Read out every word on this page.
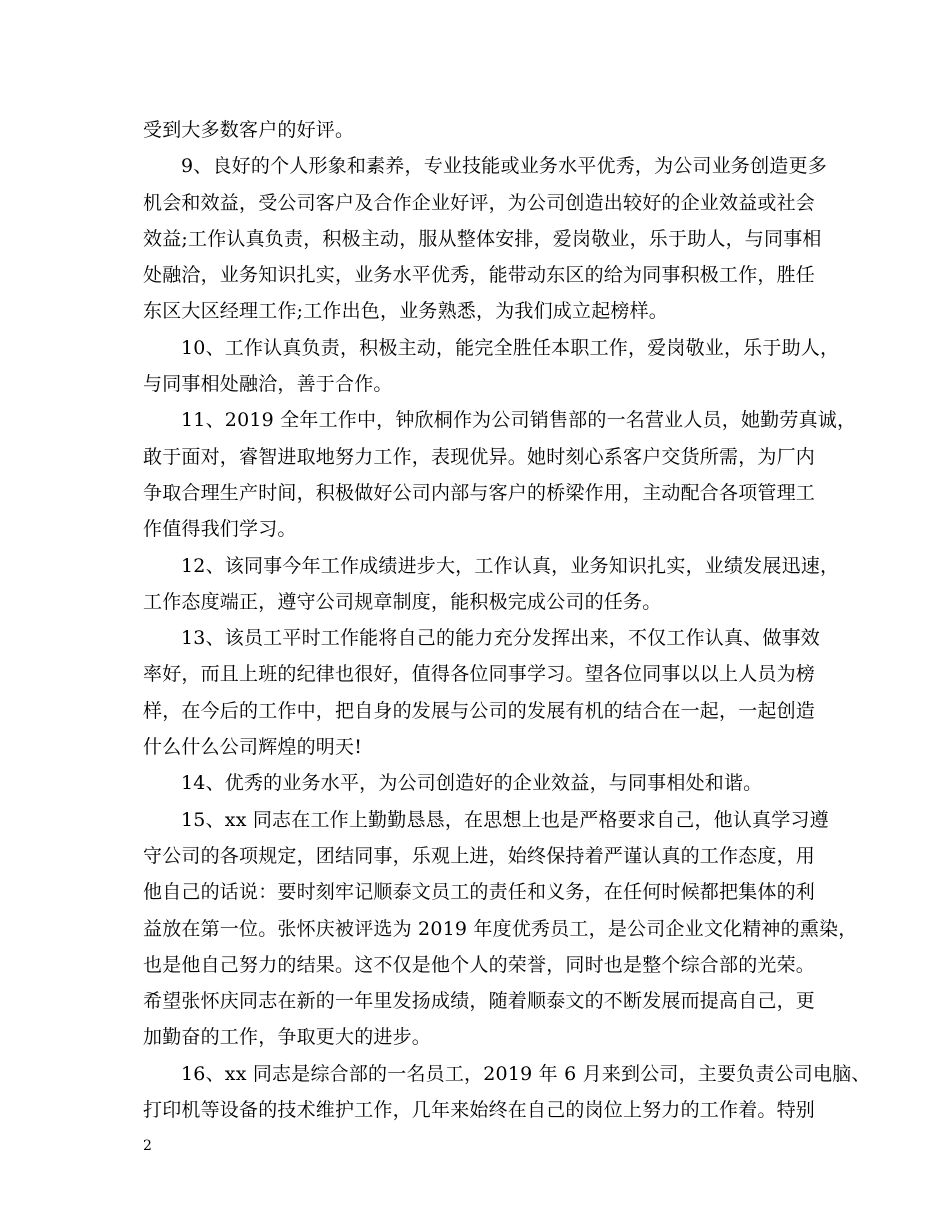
受到大多数客户的好评。
9、良好的个人形象和素养，专业技能或业务水平优秀，为公司业务创造更多
机会和效益，受公司客户及合作企业好评，为公司创造出较好的企业效益或社会
效益;工作认真负责，积极主动，服从整体安排，爱岗敬业，乐于助人，与同事相
处融洽，业务知识扎实，业务水平优秀，能带动东区的给为同事积极工作，胜任
东区大区经理工作;工作出色，业务熟悉，为我们成立起榜样。
10、工作认真负责，积极主动，能完全胜任本职工作，爱岗敬业，乐于助人，
与同事相处融洽，善于合作。
11、2019 全年工作中，钟欣桐作为公司销售部的一名营业人员，她勤劳真诚，
敢于面对，睿智进取地努力工作，表现优异。她时刻心系客户交货所需，为厂内
争取合理生产时间，积极做好公司内部与客户的桥梁作用，主动配合各项管理工
作值得我们学习。
12、该同事今年工作成绩进步大，工作认真，业务知识扎实，业绩发展迅速，
工作态度端正，遵守公司规章制度，能积极完成公司的任务。
13、该员工平时工作能将自己的能力充分发挥出来，不仅工作认真、做事效
率好，而且上班的纪律也很好，值得各位同事学习。望各位同事以以上人员为榜
样，在今后的工作中，把自身的发展与公司的发展有机的结合在一起，一起创造
什么什么公司辉煌的明天!
14、优秀的业务水平，为公司创造好的企业效益，与同事相处和谐。
15、xx 同志在工作上勤勤恳恳，在思想上也是严格要求自己，他认真学习遵
守公司的各项规定，团结同事，乐观上进，始终保持着严谨认真的工作态度，用
他自己的话说：要时刻牢记顺泰文员工的责任和义务，在任何时候都把集体的利
益放在第一位。张怀庆被评选为 2019 年度优秀员工，是公司企业文化精神的熏染，
也是他自己努力的结果。这不仅是他个人的荣誉，同时也是整个综合部的光荣。
希望张怀庆同志在新的一年里发扬成绩，随着顺泰文的不断发展而提高自己，更
加勤奋的工作，争取更大的进步。
16、xx 同志是综合部的一名员工，2019 年 6 月来到公司，主要负责公司电脑、
打印机等设备的技术维护工作，几年来始终在自己的岗位上努力的工作着。特别
2
